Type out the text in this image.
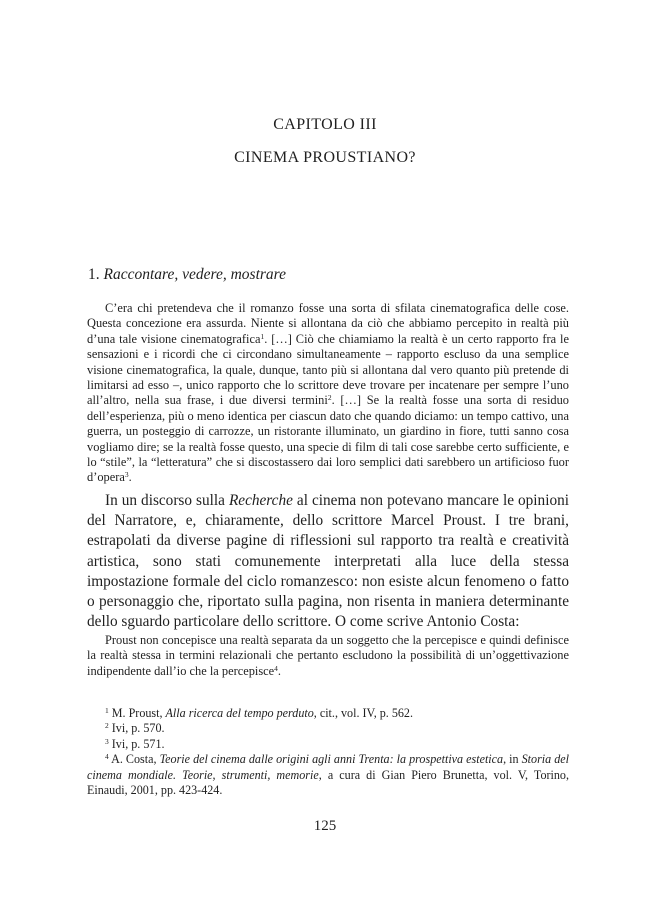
CAPITOLO III
CINEMA PROUSTIANO?
1. Raccontare, vedere, mostrare
C’era chi pretendeva che il romanzo fosse una sorta di sfilata cinematografica delle cose. Questa concezione era assurda. Niente si allontana da ciò che abbiamo percepito in realtà più d’una tale visione cinematografica$^1$. […] Ciò che chiamiamo la realtà è un certo rapporto fra le sensazioni e i ricordi che ci circondano simultaneamente – rapporto escluso da una semplice visione cinematografica, la quale, dunque, tanto più si allontana dal vero quanto più pretende di limitarsi ad esso –, unico rapporto che lo scrittore deve trovare per incatenare per sempre l’uno all’altro, nella sua frase, i due diversi termini$^2$. […] Se la realtà fosse una sorta di residuo dell’esperienza, più o meno identica per ciascun dato che quando diciamo: un tempo cattivo, una guerra, un posteggio di carrozze, un ristorante illuminato, un giardino in fiore, tutti sanno cosa vogliamo dire; se la realtà fosse questo, una specie di film di tali cose sarebbe certo sufficiente, e lo “stile”, la “letteratura” che si discostassero dai loro semplici dati sarebbero un artificioso fuor d’opera$^3$.
In un discorso sulla Recherche al cinema non potevano mancare le opinioni del Narratore, e, chiaramente, dello scrittore Marcel Proust. I tre brani, estrapolati da diverse pagine di riflessioni sul rapporto tra realtà e creatività artistica, sono stati comunemente interpretati alla luce della stessa impostazione formale del ciclo romanzesco: non esiste alcun fenomeno o fatto o personaggio che, riportato sulla pagina, non risenta in maniera determinante dello sguardo particolare dello scrittore. O come scrive Antonio Costa:
Proust non concepisce una realtà separata da un soggetto che la percepisce e quindi definisce la realtà stessa in termini relazionali che pertanto escludono la possibilità di un’oggettivazione indipendente dall’io che la percepisce$^4$.
$^1$ M. Proust, Alla ricerca del tempo perduto, cit., vol. IV, p. 562.
$^2$ Ivi, p. 570.
$^3$ Ivi, p. 571.
$^4$ A. Costa, Teorie del cinema dalle origini agli anni Trenta: la prospettiva estetica, in Storia del cinema mondiale. Teorie, strumenti, memorie, a cura di Gian Piero Brunetta, vol. V, Torino, Einaudi, 2001, pp. 423-424.
125
